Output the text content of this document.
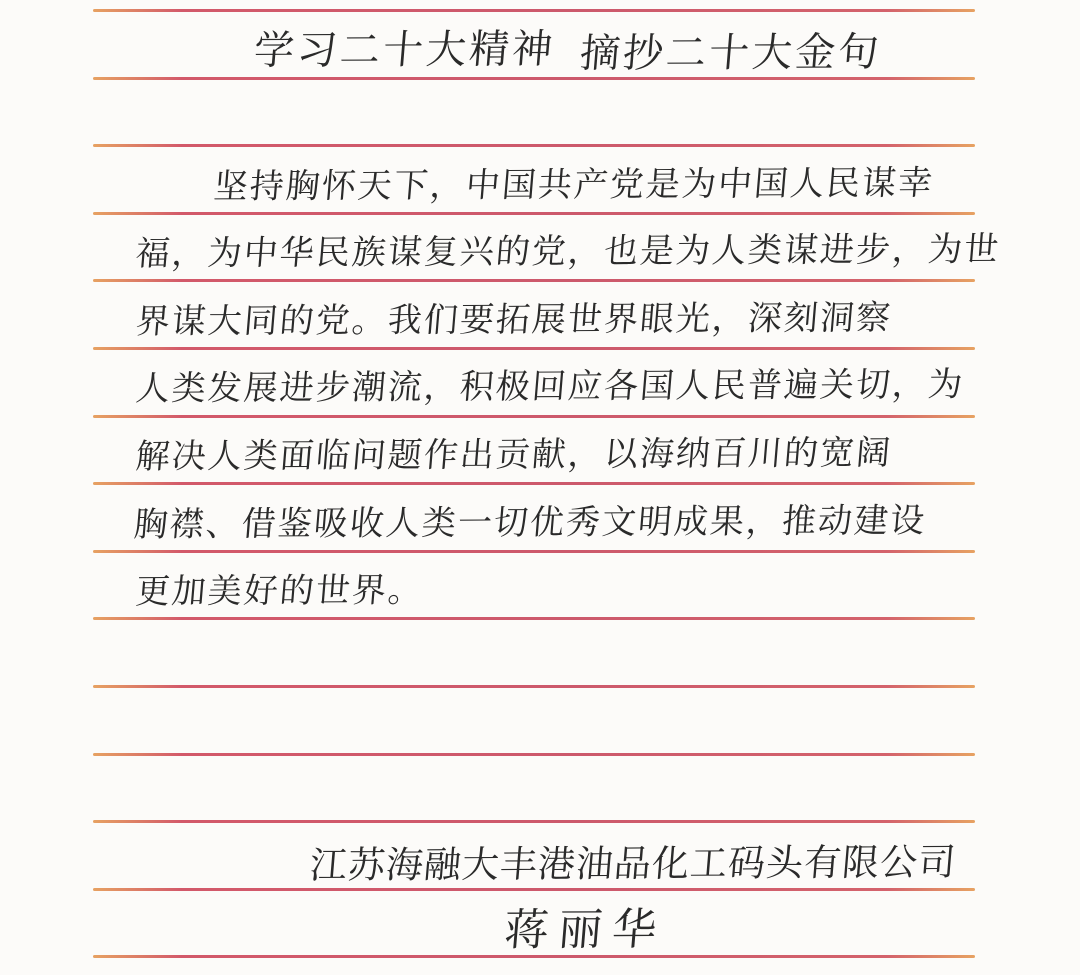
学习二十大精神 摘抄二十大金句
坚持胸怀天下，中国共产党是为中国人民谋幸
福，为中华民族谋复兴的党，也是为人类谋进步，为世
界谋大同的党。我们要拓展世界眼光，深刻洞察
人类发展进步潮流，积极回应各国人民普遍关切，为
解决人类面临问题作出贡献，以海纳百川的宽阔
胸襟、借鉴吸收人类一切优秀文明成果，推动建设
更加美好的世界。
江苏海融大丰港油品化工码头有限公司
蒋丽华
